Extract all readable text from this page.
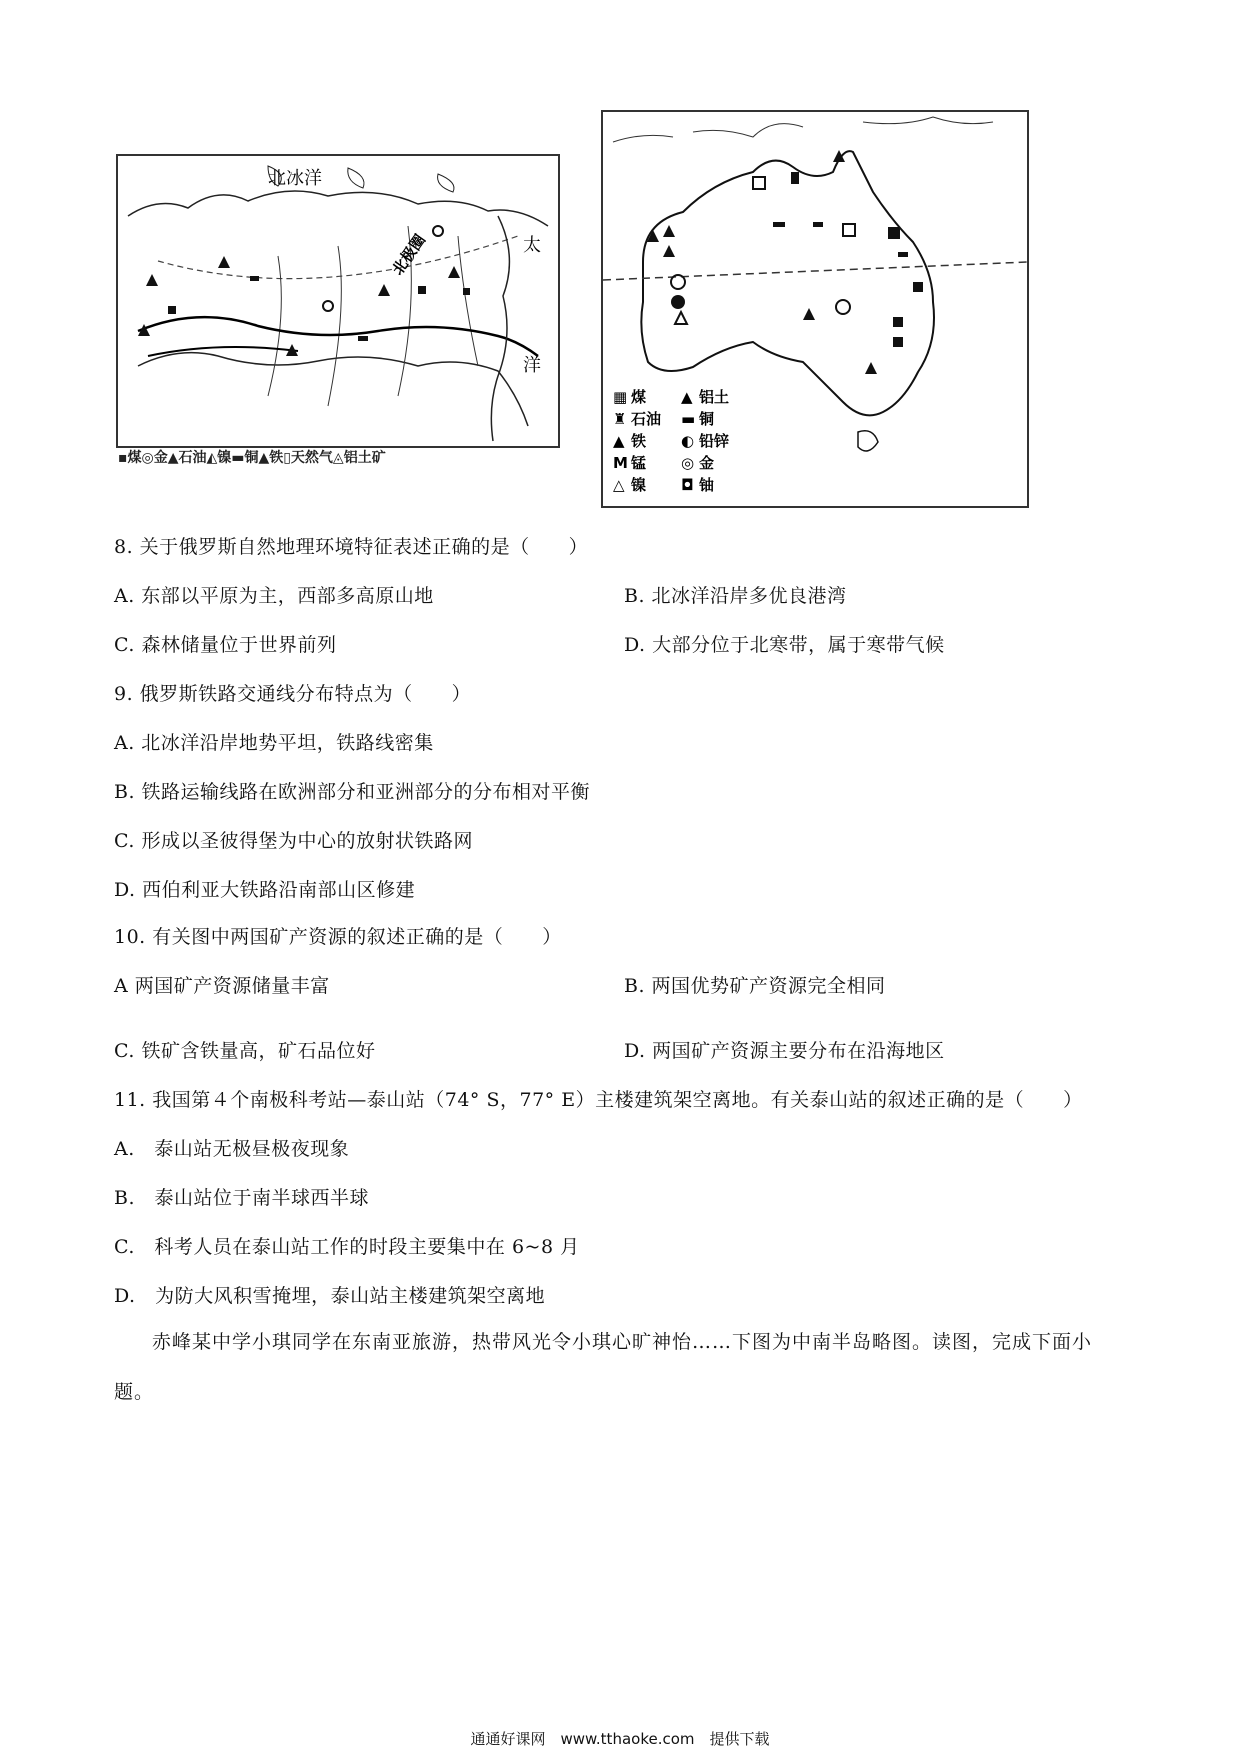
北冰洋
太
洋
北极圈
▪煤◎金▲石油◭镍▬铜▲铁▯天然气◬铝土矿
▦ 煤 ▲ 铝土
♜ 石油 ▬ 铜
▲ 铁 ◐ 铅锌
M 锰 ◎ 金
△ 镍 ◘ 铀
8. 关于俄罗斯自然地理环境特征表述正确的是（　　）
A. 东部以平原为主，西部多高原山地	B. 北冰洋沿岸多优良港湾
C. 森林储量位于世界前列	D. 大部分位于北寒带，属于寒带气候
9. 俄罗斯铁路交通线分布特点为（　　）
A. 北冰洋沿岸地势平坦，铁路线密集
B. 铁路运输线路在欧洲部分和亚洲部分的分布相对平衡
C. 形成以圣彼得堡为中心的放射状铁路网
D. 西伯利亚大铁路沿南部山区修建
10. 有关图中两国矿产资源的叙述正确的是（　　）
A 两国矿产资源储量丰富	B. 两国优势矿产资源完全相同
C. 铁矿含铁量高，矿石品位好	D. 两国矿产资源主要分布在沿海地区
11. 我国第４个南极科考站—泰山站（74° S，77° E）主楼建筑架空离地。有关泰山站的叙述正确的是（　　）
A.　泰山站无极昼极夜现象
B.　泰山站位于南半球西半球
C.　科考人员在泰山站工作的时段主要集中在 6~8 月
D.　为防大风积雪掩埋，泰山站主楼建筑架空离地
赤峰某中学小琪同学在东南亚旅游，热带风光令小琪心旷神怡……下图为中南半岛略图。读图，完成下面小题。
通通好课网　www.tthaoke.com　提供下载
